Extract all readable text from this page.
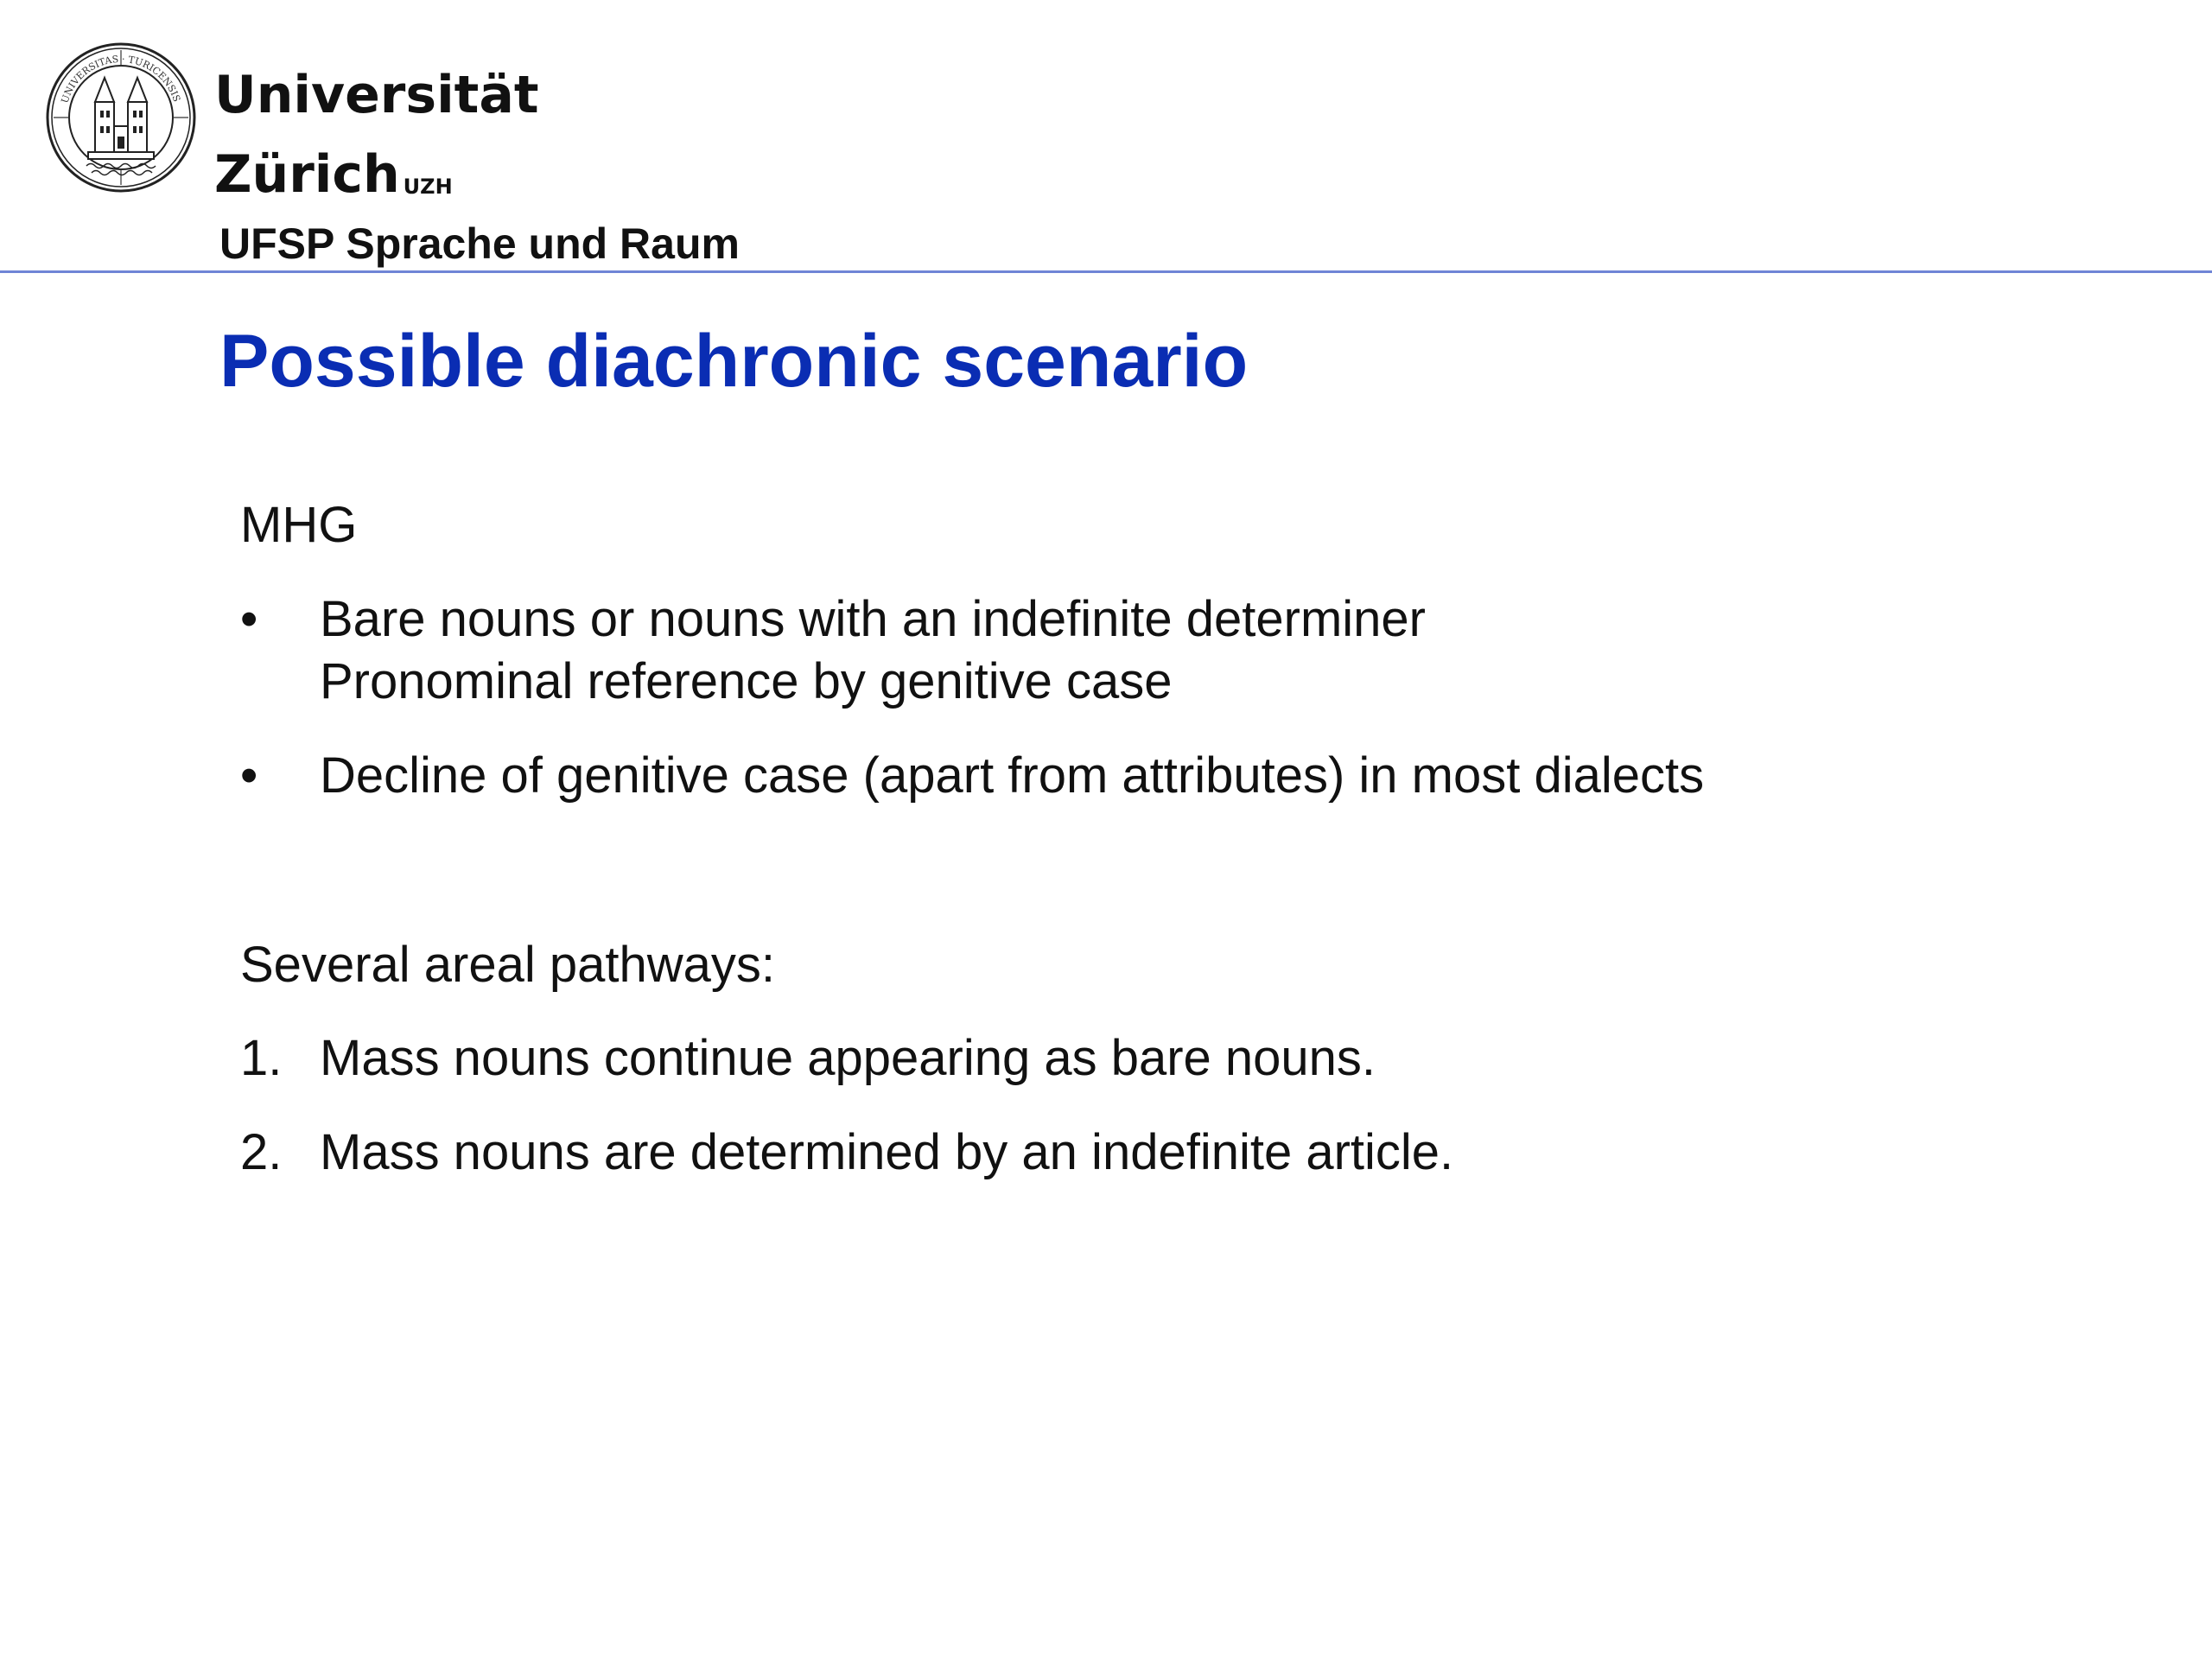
UNIVERSITAS · TURICENSIS Universität
Zürich $^{UZH}$
UFSP Sprache und Raum
Possible diachronic scenario
MHG
• Bare nouns or nouns with an indefinite determiner
Pronominal reference by genitive case
• Decline of genitive case (apart from attributes) in most dialects
Several areal pathways:
1. Mass nouns continue appearing as bare nouns.
2. Mass nouns are determined by an indefinite article.
